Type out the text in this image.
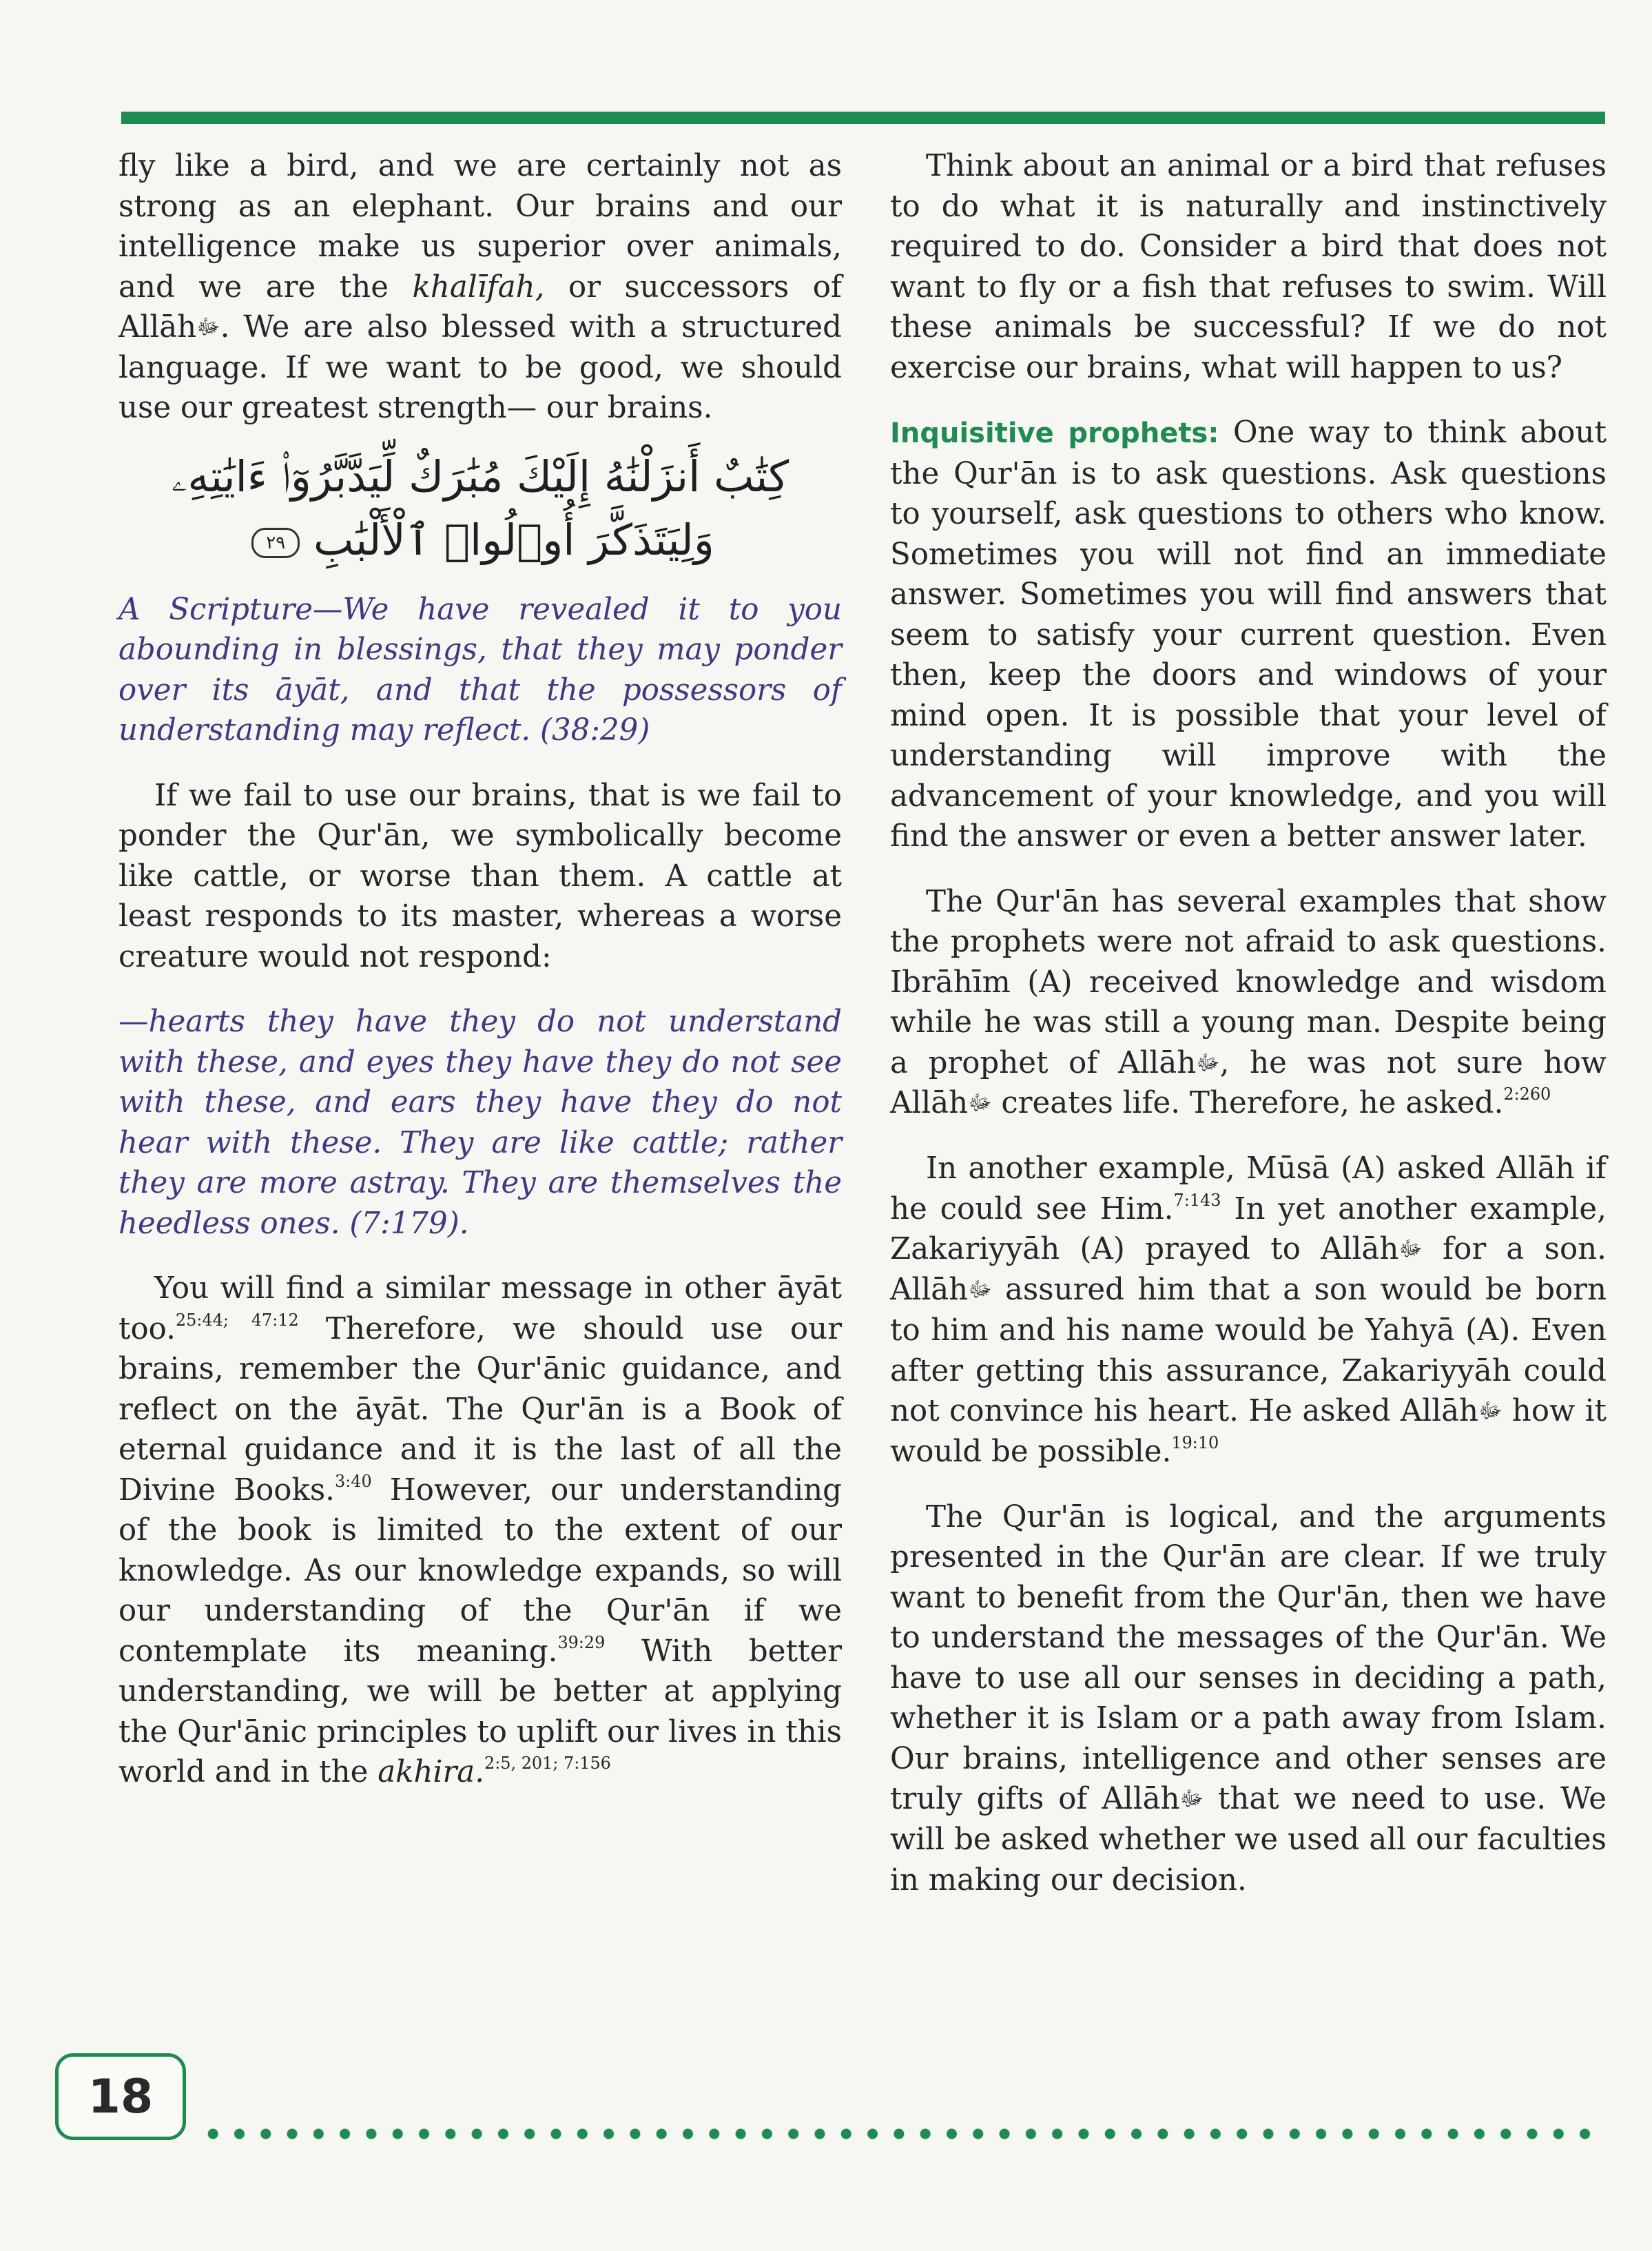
fly like a bird, and we are certainly not as strong as an elephant. Our brains and our intelligence make us superior over animals, and we are the khalīfah, or successors of Allāhﷻ. We are also blessed with a structured language. If we want to be good, we should use our greatest strength— our brains.

كِتَٰبٌ أَنزَلْنَٰهُ إِلَيْكَ مُبَٰرَكٌ لِّيَدَّبَّرُوٓا۟ ءَايَٰتِهِۦ
وَلِيَتَذَكَّرَ أُو۟لُوا۟ ٱلْأَلْبَٰبِ ٢٩

A Scripture—We have revealed it to you abounding in blessings, that they may ponder over its āyāt, and that the possessors of understanding may reflect. (38:29)

If we fail to use our brains, that is we fail to ponder the Qur'ān, we symbolically become like cattle, or worse than them. A cattle at least responds to its master, whereas a worse creature would not respond:

—hearts they have they do not understand with these, and eyes they have they do not see with these, and ears they have they do not hear with these. They are like cattle; rather they are more astray. They are themselves the heedless ones. (7:179).

You will find a similar message in other āyāt too.$^{25:44; 47:12}$ Therefore, we should use our brains, remember the Qur'ānic guidance, and reflect on the āyāt. The Qur'ān is a Book of eternal guidance and it is the last of all the Divine Books.$^{3:40}$ However, our understanding of the book is limited to the extent of our knowledge. As our knowledge expands, so will our understanding of the Qur'ān if we contemplate its meaning.$^{39:29}$ With better understanding, we will be better at applying the Qur'ānic principles to uplift our lives in this world and in the akhira.$^{2:5, 201; 7:156}$

Think about an animal or a bird that refuses to do what it is naturally and instinctively required to do. Consider a bird that does not want to fly or a fish that refuses to swim. Will these animals be successful? If we do not exercise our brains, what will happen to us?

Inquisitive prophets: One way to think about the Qur'ān is to ask questions. Ask questions to yourself, ask questions to others who know. Sometimes you will not find an immediate answer. Sometimes you will find answers that seem to satisfy your current question. Even then, keep the doors and windows of your mind open. It is possible that your level of understanding will improve with the advancement of your knowledge, and you will find the answer or even a better answer later.

The Qur'ān has several examples that show the prophets were not afraid to ask questions. Ibrāhīm (A) received knowledge and wisdom while he was still a young man. Despite being a prophet of Allāhﷻ, he was not sure how Allāhﷻ creates life. Therefore, he asked.$^{2:260}$

In another example, Mūsā (A) asked Allāh if he could see Him.$^{7:143}$ In yet another example, Zakariyyāh (A) prayed to Allāhﷻ for a son. Allāhﷻ assured him that a son would be born to him and his name would be Yahyā (A). Even after getting this assurance, Zakariyyāh could not convince his heart. He asked Allāhﷻ how it would be possible.$^{19:10}$

The Qur'ān is logical, and the arguments presented in the Qur'ān are clear. If we truly want to benefit from the Qur'ān, then we have to understand the messages of the Qur'ān. We have to use all our senses in deciding a path, whether it is Islam or a path away from Islam. Our brains, intelligence and other senses are truly gifts of Allāhﷻ that we need to use. We will be asked whether we used all our faculties in making our decision.

18
